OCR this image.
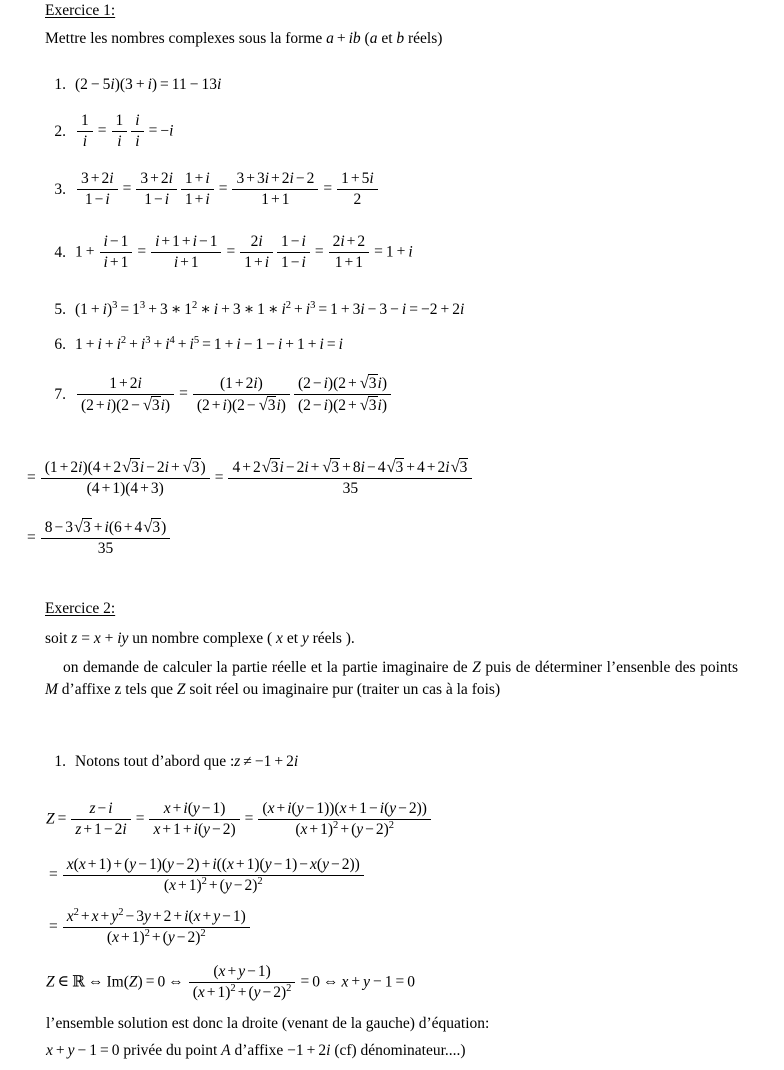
Exercice 1:
Mettre les nombres complexes sous la forme a + ib (a et b réels)
1. (2 − 5i)(3 + i) = 11 − 13i
2. $\frac{1}{i} = \frac{1}{i} \frac{i}{i} = -i$
3. $\frac{3 + 2i}{1 - i} = \frac{3 + 2i}{1 - i} \frac{1 + i}{1 + i} = \frac{3 + 3i + 2i - 2}{1 + 1} = \frac{1 + 5i}{2}$
4. $1 + \frac{i - 1}{i + 1} = \frac{i + 1 + i - 1}{i + 1} = \frac{2i}{1 + i} \frac{1 - i}{1 - i} = \frac{2i + 2}{1 + 1} = 1 + i$
5. $(1 + i)^3 = 1^3 + 3$ ∗ $1^2$ ∗ i + 3 ∗ 1 ∗ $i^2 + i^3 = 1 + 3i - 3 - i = -2 + 2i$
6. $1 + i + i^2 + i^3 + i^4 + i^5 = 1 + i - 1 - i + 1 + i = i$
7. $\frac{1 + 2i}{(2 + i)(2 - √ 3i)} = \frac{(1 + 2i)}{(2 + i)(2 - √ 3i)} \frac{(2 - i)(2 + √ 3i)}{(2 - i)(2 + √ 3i)}$
= $\frac{(1 + 2i)(4 + 2 √ 3i - 2i + √ 3)}{(4 + 1)(4 + 3)} = \frac{4 + 2 √ 3i - 2i + √ 3 + 8i - 4 √ 3 + 4 + 2i √ 3}{35}$
= $\frac{8 - 3 √ 3 + i(6 + 4 √ 3)}{35}$
Exercice 2:
soit z = x + iy un nombre complexe ( x et y réels ).
on demande de calculer la partie réelle et la partie imaginaire de Z puis de déterminer l’ensenble des points M d’affixe z tels que Z soit réel ou imaginaire pur (traiter un cas à la fois)
1. Notons tout d’abord que :z ≠ −1 + 2i
$Z = \frac{z - i}{z + 1 - 2i} = \frac{x + i(y - 1)}{x + 1 + i(y - 2)} = \frac{(x + i(y - 1))(x + 1 - i(y - 2))}{(x + 1)^2 + (y - 2)^2}$
= $\frac{x(x + 1) + (y - 1)(y - 2) + i((x + 1)(y - 1) - x(y - 2))}{(x + 1)^2 + (y - 2)^2}$
= $\frac{x^2 + x + y^2 - 3y + 2 + i(x + y - 1)}{(x + 1)^2 + (y - 2)^2}$
Z ∈ ℝ ⇔ Im(Z) = 0 ⇔ $\frac{(x + y - 1)}{(x + 1)^2 + (y - 2)^2} = 0$ ⇔ x + y − 1 = 0
l’ensemble solution est donc la droite (venant de la gauche) d’équation:
x + y − 1 = 0 privée du point A d’affixe −1 + 2i (cf) dénominateur....)
